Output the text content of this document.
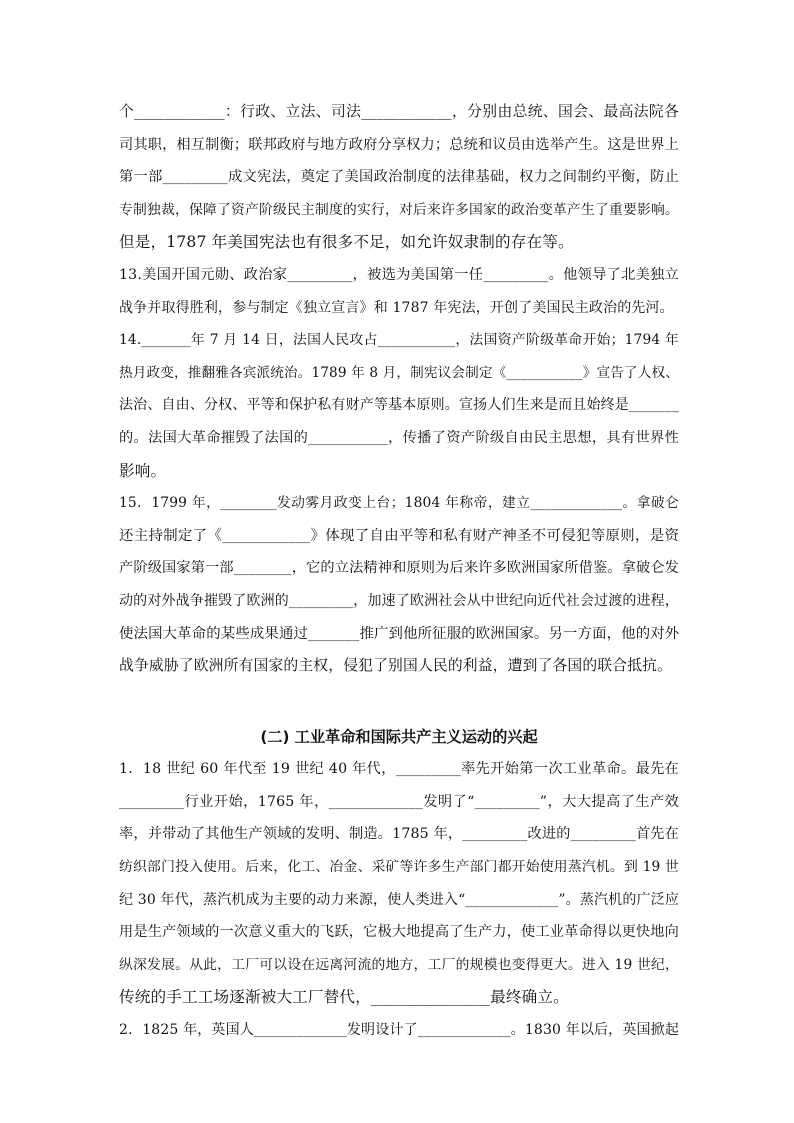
个____________：行政、立法、司法____________，分别由总统、国会、最高法院各
司其职，相互制衡；联邦政府与地方政府分享权力；总统和议员由选举产生。这是世界上
第一部_________成文宪法，奠定了美国政治制度的法律基础，权力之间制约平衡，防止
专制独裁，保障了资产阶级民主制度的实行，对后来许多国家的政治变革产生了重要影响。
但是，1787 年美国宪法也有很多不足，如允许奴隶制的存在等。
13.美国开国元勋、政治家_________，被选为美国第一任_________。他领导了北美独立
战争并取得胜利，参与制定《独立宣言》和 1787 年宪法，开创了美国民主政治的先河。
14._______年 7 月 14 日，法国人民攻占___________，法国资产阶级革命开始；1794 年
热月政变，推翻雅各宾派统治。1789 年 8 月，制宪议会制定《___________》宣告了人权、
法治、自由、分权、平等和保护私有财产等基本原则。宣扬人们生来是而且始终是_______
的。法国大革命摧毁了法国的___________，传播了资产阶级自由民主思想，具有世界性
影响。
15．1799 年，________发动雾月政变上台；1804 年称帝，建立_____________。拿破仑
还主持制定了《____________》体现了自由平等和私有财产神圣不可侵犯等原则，是资
产阶级国家第一部________，它的立法精神和原则为后来许多欧洲国家所借鉴。拿破仑发
动的对外战争摧毁了欧洲的_________，加速了欧洲社会从中世纪向近代社会过渡的进程，
使法国大革命的某些成果通过_______推广到他所征服的欧洲国家。另一方面，他的对外
战争威胁了欧洲所有国家的主权，侵犯了别国人民的利益，遭到了各国的联合抵抗。
(二) 工业革命和国际共产主义运动的兴起
1．18 世纪 60 年代至 19 世纪 40 年代，_________率先开始第一次工业革命。最先在
_________行业开始，1765 年，_____________发明了“_________”，大大提高了生产效
率，并带动了其他生产领域的发明、制造。1785 年，_________改进的_________首先在
纺织部门投入使用。后来，化工、冶金、采矿等许多生产部门都开始使用蒸汽机。到 19 世
纪 30 年代，蒸汽机成为主要的动力来源，使人类进入“_____________”。蒸汽机的广泛应
用是生产领域的一次意义重大的飞跃，它极大地提高了生产力，使工业革命得以更快地向
纵深发展。从此，工厂可以设在远离河流的地方，工厂的规模也变得更大。进入 19 世纪，
传统的手工工场逐渐被大工厂替代，_______________最终确立。
2．1825 年，英国人_____________发明设计了_____________。1830 年以后，英国掀起
